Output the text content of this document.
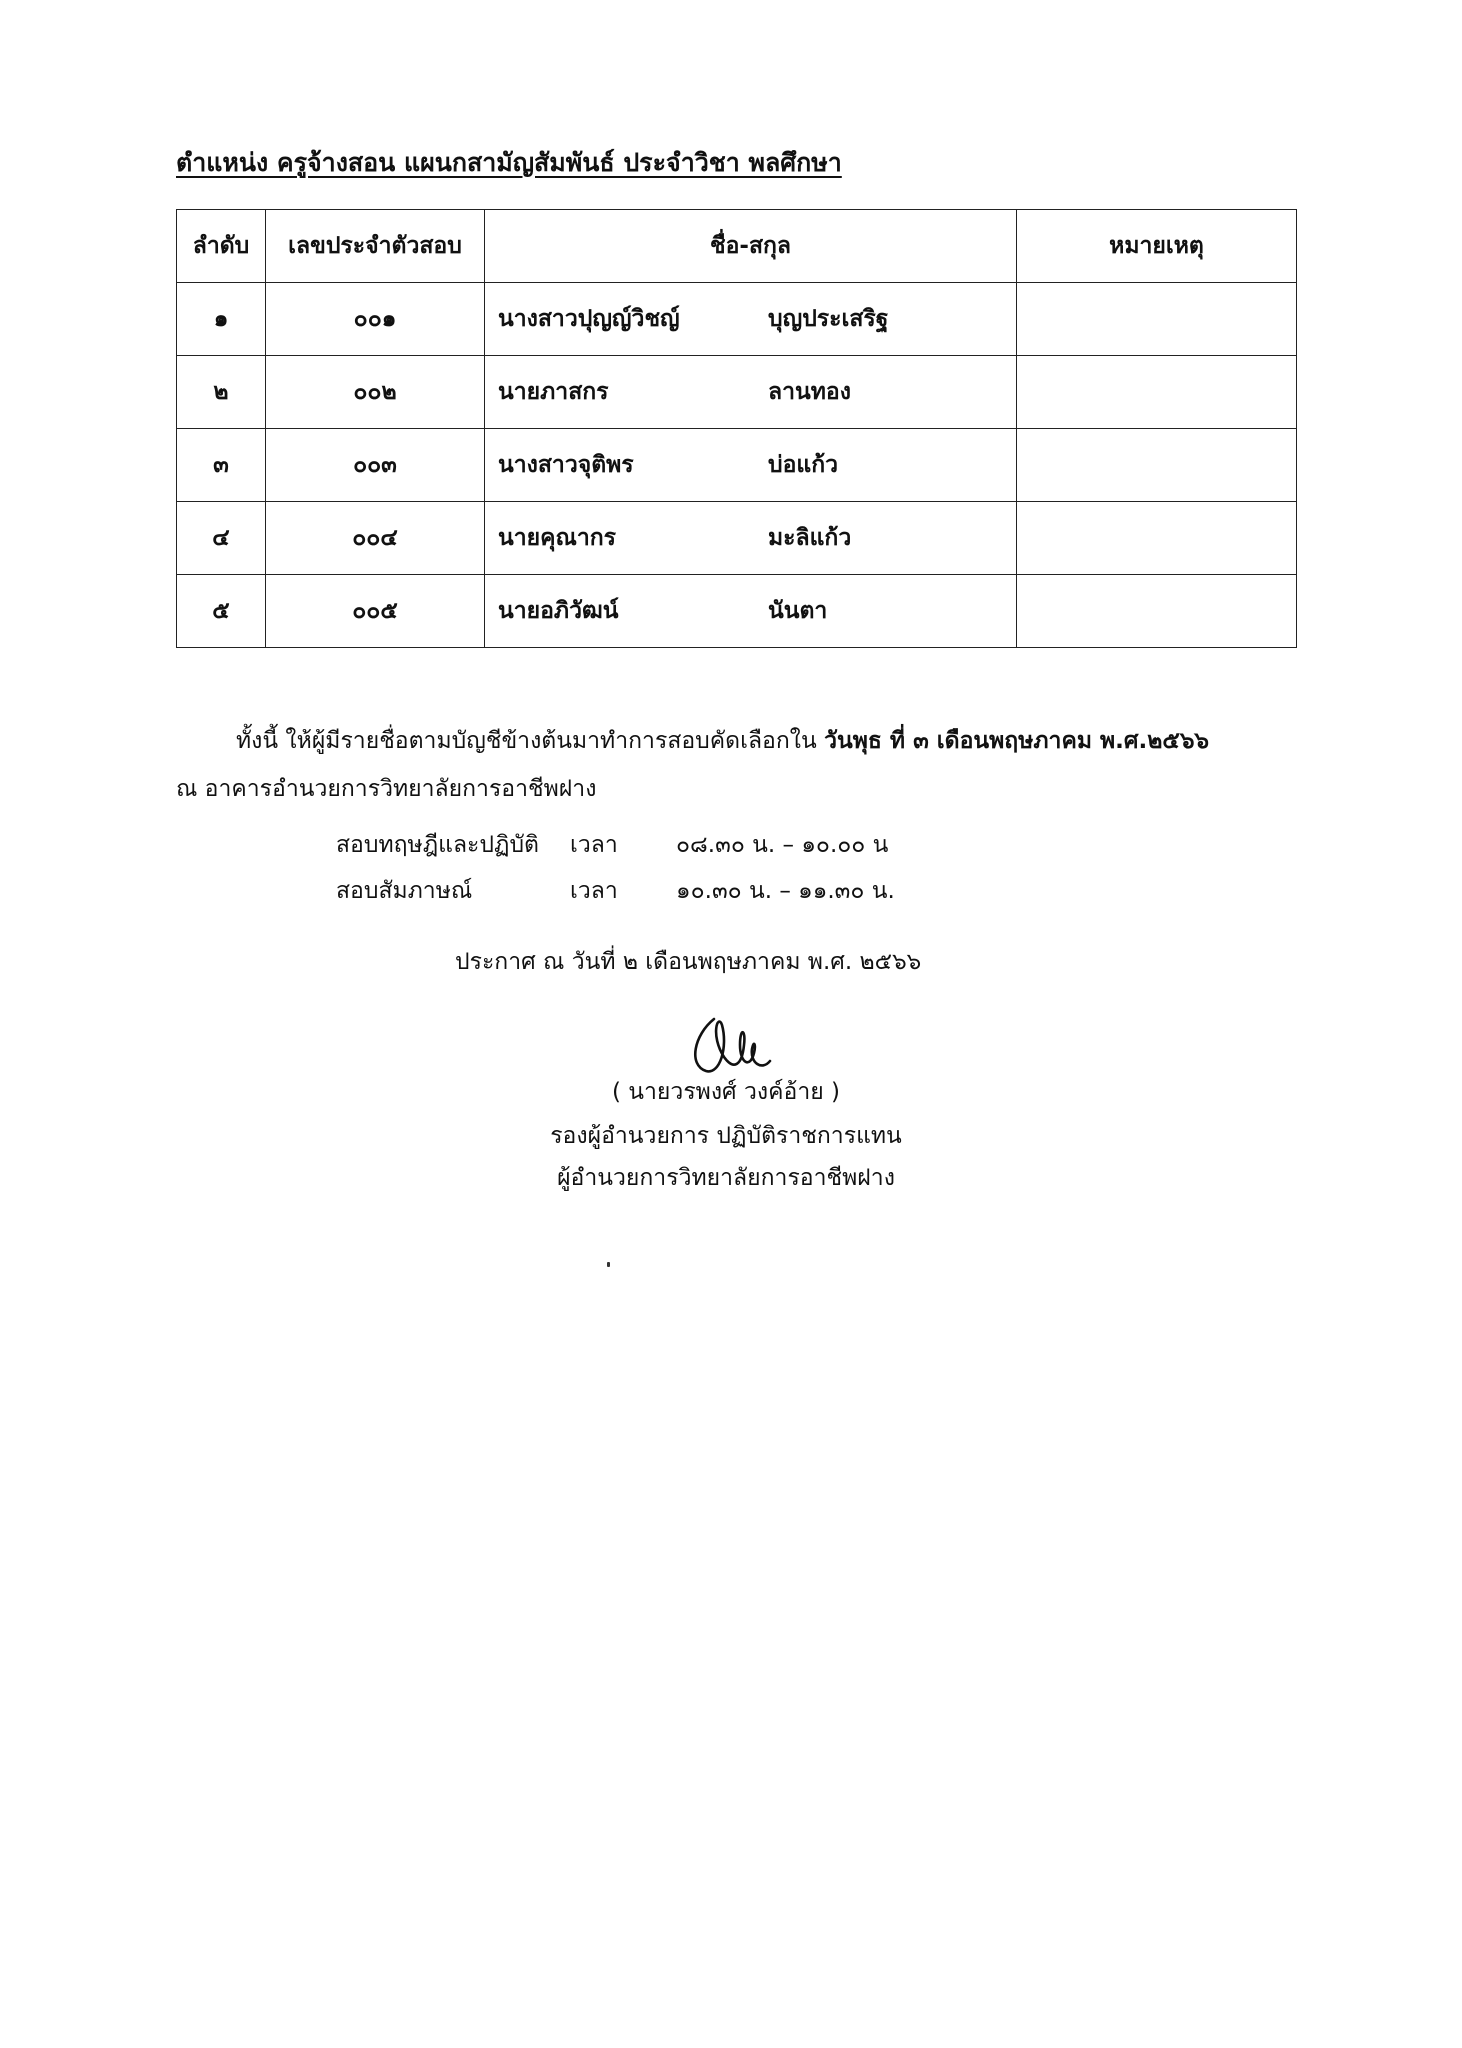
ตำแหน่ง ครูจ้างสอน แผนกสามัญสัมพันธ์ ประจำวิชา พลศึกษา
ลำดับ	เลขประจำตัวสอบ	ชื่อ-สกุล	หมายเหตุ
๑	๐๐๑	นางสาวปุญญ์วิชญ์ บุญประเสริฐ	

๒	๐๐๒	นายภาสกร ลานทอง	

๓	๐๐๓	นางสาวจุติพร บ่อแก้ว	

๔	๐๐๔	นายคุณากร มะลิแก้ว	

๕	๐๐๕	นายอภิวัฒน์ นันตา	

ทั้งนี้ ให้ผู้มีรายชื่อตามบัญชีข้างต้นมาทำการสอบคัดเลือกใน วันพุธ ที่ ๓ เดือนพฤษภาคม พ.ศ.๒๕๖๖
ณ อาคารอำนวยการวิทยาลัยการอาชีพฝาง
สอบทฤษฎีและปฏิบัติ เวลา	๐๘.๓๐ น. – ๑๐.๐๐ น
สอบสัมภาษณ์	เวลา	๑๐.๓๐ น. – ๑๑.๓๐ น.
ประกาศ ณ วันที่ ๒ เดือนพฤษภาคม พ.ศ. ๒๕๖๖
( นายวรพงศ์ วงค์อ้าย )
รองผู้อำนวยการ ปฏิบัติราชการแทน
ผู้อำนวยการวิทยาลัยการอาชีพฝาง
